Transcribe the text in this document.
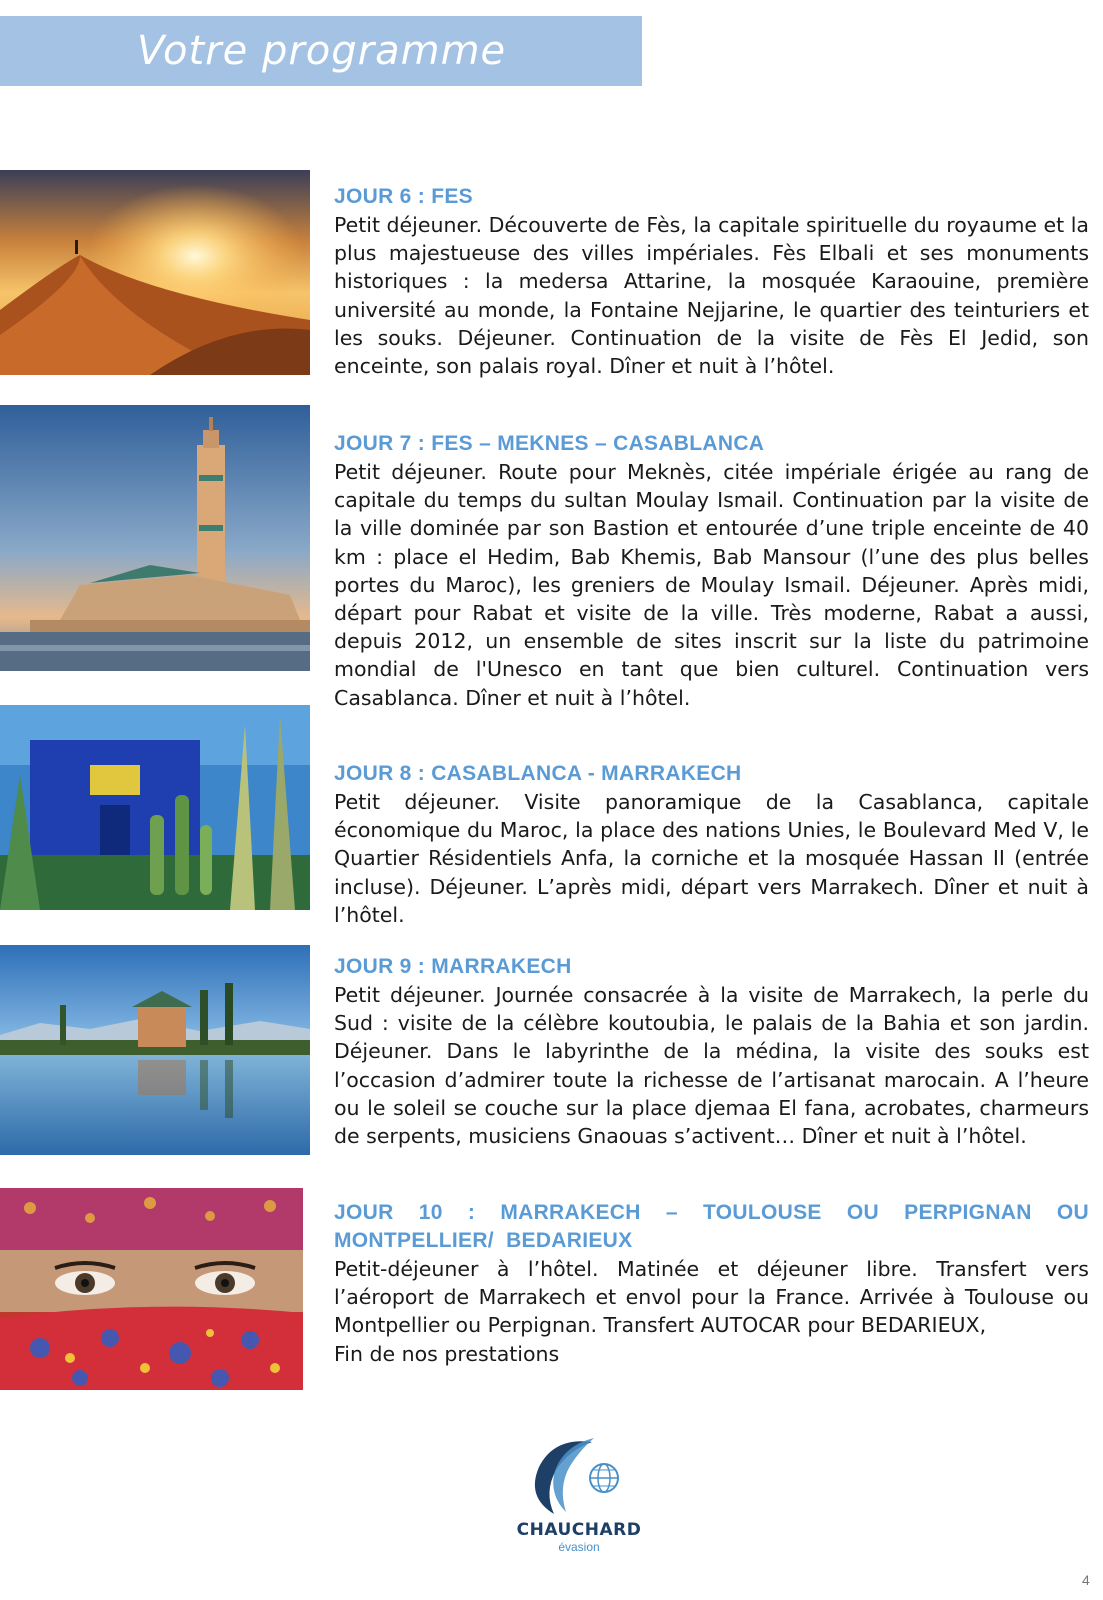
Votre programme
JOUR 6 : FES

Petit déjeuner. Découverte de Fès, la capitale spirituelle du royaume et la plus majestueuse des villes impériales. Fès Elbali et ses monuments historiques : la medersa Attarine, la mosquée Karaouine, première université au monde, la Fontaine Nejjarine, le quartier des teinturiers et les souks. Déjeuner. Continuation de la visite de Fès El Jedid, son enceinte, son palais royal. Dîner et nuit à l’hôtel.

JOUR 7 : FES – MEKNES – CASABLANCA

Petit déjeuner. Route pour Meknès, citée impériale érigée au rang de capitale du temps du sultan Moulay Ismail. Continuation par la visite de la ville dominée par son Bastion et entourée d’une triple enceinte de 40 km : place el Hedim, Bab Khemis, Bab Mansour (l’une des plus belles portes du Maroc), les greniers de Moulay Ismail. Déjeuner. Après midi, départ pour Rabat et visite de la ville. Très moderne, Rabat a aussi, depuis 2012, un ensemble de sites inscrit sur la liste du patrimoine mondial de l'Unesco en tant que bien culturel. Continuation vers Casablanca. Dîner et nuit à l’hôtel.

JOUR 8 : CASABLANCA - MARRAKECH

Petit déjeuner. Visite panoramique de la Casablanca, capitale économique du Maroc, la place des nations Unies, le Boulevard Med V, le Quartier Résidentiels Anfa, la corniche et la mosquée Hassan II (entrée incluse). Déjeuner. L’après midi, départ vers Marrakech. Dîner et nuit à l’hôtel.

JOUR 9 : MARRAKECH

Petit déjeuner. Journée consacrée à la visite de Marrakech, la perle du Sud : visite de la célèbre koutoubia, le palais de la Bahia et son jardin. Déjeuner. Dans le labyrinthe de la médina, la visite des souks est l’occasion d’admirer toute la richesse de l’artisanat marocain. A l’heure ou le soleil se couche sur la place djemaa El fana, acrobates, charmeurs de serpents, musiciens Gnaouas s’activent… Dîner et nuit à l’hôtel.

JOUR 10 : MARRAKECH – TOULOUSE OU PERPIGNAN OU MONTPELLIER/ BEDARIEUX

Petit-déjeuner à l’hôtel. Matinée et déjeuner libre. Transfert vers l’aéroport de Marrakech et envol pour la France. Arrivée à Toulouse ou Montpellier ou Perpignan. Transfert AUTOCAR pour BEDARIEUX,

Fin de nos prestations

CHAUCHARD
évasion
4
